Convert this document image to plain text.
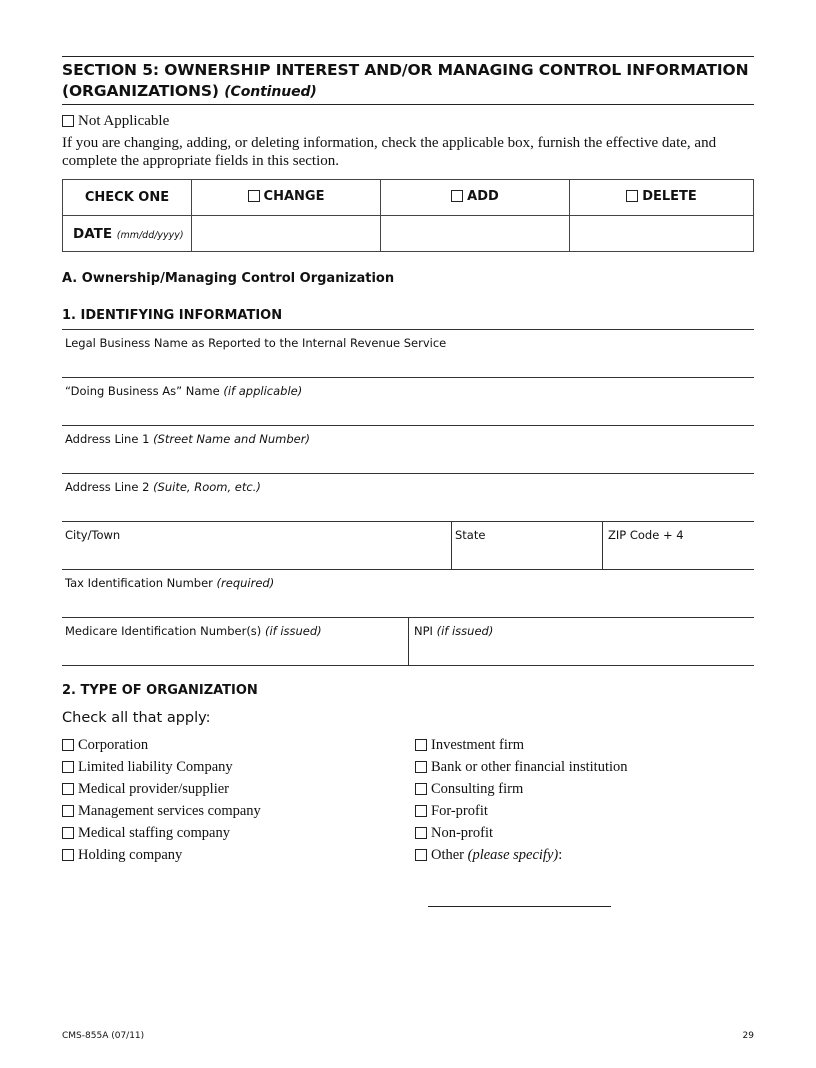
SECTION 5: OWNERSHIP INTEREST AND/OR MANAGING CONTROL INFORMATION (ORGANIZATIONS) (Continued)
Not Applicable
If you are changing, adding, or deleting information, check the applicable box, furnish the effective date, and complete the appropriate fields in this section.
CHECK ONE	CHANGE	ADD	DELETE

DATE (mm/dd/yyyy)			
A. Ownership/Managing Control Organization
1. IDENTIFYING INFORMATION
Legal Business Name as Reported to the Internal Revenue Service
“Doing Business As” Name (if applicable)
Address Line 1 (Street Name and Number)
Address Line 2 (Suite, Room, etc.)
City/Town	State	ZIP Code + 4
Tax Identification Number (required)
Medicare Identification Number(s) (if issued)	NPI (if issued)
2. TYPE OF ORGANIZATION
Check all that apply:
Corporation
Limited liability Company
Medical provider/supplier
Management services company
Medical staffing company
Holding company
Investment firm
Bank or other financial institution
Consulting firm
For-profit
Non-profit
Other
(please specify) :
CMS-855A (07/11)	29
